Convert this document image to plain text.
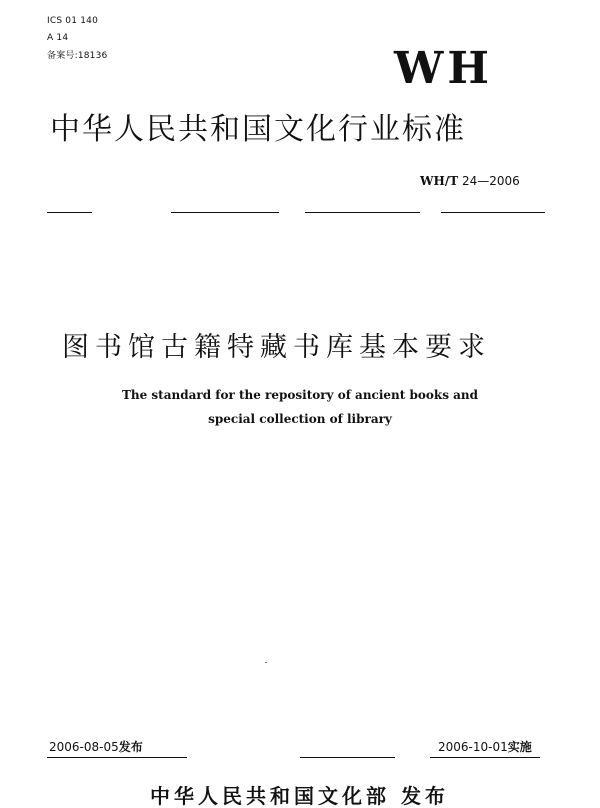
ICS 01 140
A 14
备案号:18136	WH
中华人民共和国文化行业标准
WH/T 24—2006
图书馆古籍特藏书库基本要求
The standard for the repository of ancient books and
special collection of library
2006-08-05发布	2006-10-01实施
中华人民共和国文化部 发布
